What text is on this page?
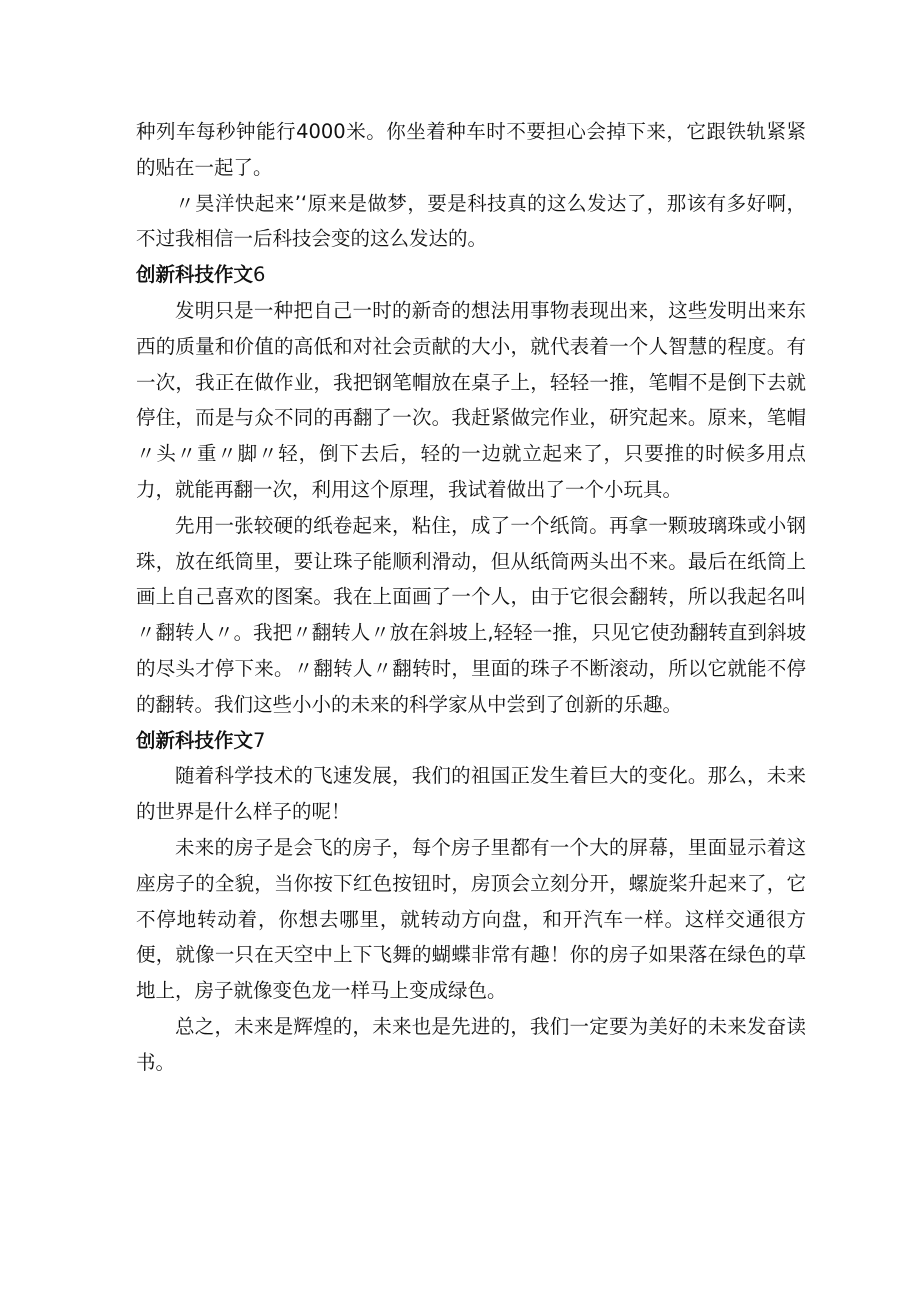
种列车每秒钟能行4000米。你坐着种车时不要担心会掉下来，它跟铁轨紧紧的贴在一起了。

〃昊洋快起来’‘原来是做梦，要是科技真的这么发达了，那该有多好啊，不过我相信一后科技会变的这么发达的。

创新科技作文6

发明只是一种把自己一时的新奇的想法用事物表现出来，这些发明出来东西的质量和价值的高低和对社会贡献的大小，就代表着一个人智慧的程度。有一次，我正在做作业，我把钢笔帽放在桌子上，轻轻一推，笔帽不是倒下去就停住，而是与众不同的再翻了一次。我赶紧做完作业，研究起来。原来，笔帽〃头〃重〃脚〃轻，倒下去后，轻的一边就立起来了，只要推的时候多用点力，就能再翻一次，利用这个原理，我试着做出了一个小玩具。

先用一张较硬的纸卷起来，粘住，成了一个纸筒。再拿一颗玻璃珠或小钢珠，放在纸筒里，要让珠子能顺利滑动，但从纸筒两头出不来。最后在纸筒上画上自己喜欢的图案。我在上面画了一个人，由于它很会翻转，所以我起名叫〃翻转人〃。我把〃翻转人〃放在斜坡上,轻轻一推，只见它使劲翻转直到斜坡的尽头才停下来。〃翻转人〃翻转时，里面的珠子不断滚动，所以它就能不停的翻转。我们这些小小的未来的科学家从中尝到了创新的乐趣。

创新科技作文7

随着科学技术的飞速发展，我们的祖国正发生着巨大的变化。那么，未来的世界是什么样子的呢！

未来的房子是会飞的房子，每个房子里都有一个大的屏幕，里面显示着这座房子的全貌，当你按下红色按钮时，房顶会立刻分开，螺旋桨升起来了，它不停地转动着，你想去哪里，就转动方向盘，和开汽车一样。这样交通很方便，就像一只在天空中上下飞舞的蝴蝶非常有趣！你的房子如果落在绿色的草地上，房子就像变色龙一样马上变成绿色。

总之，未来是辉煌的，未来也是先进的，我们一定要为美好的未来发奋读书。
